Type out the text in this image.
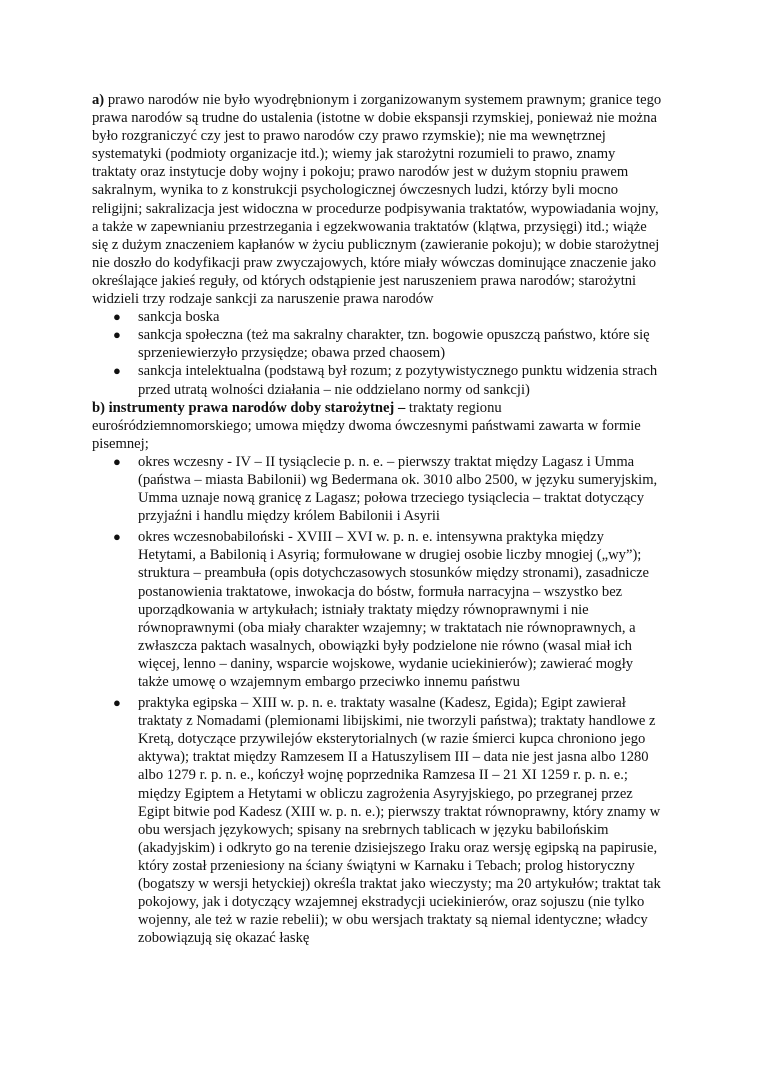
a) prawo narodów nie było wyodrębnionym i zorganizowanym systemem prawnym; granice tego prawa narodów są trudne do ustalenia (istotne w dobie ekspansji rzymskiej, ponieważ nie można było rozgraniczyć czy jest to prawo narodów czy prawo rzymskie); nie ma wewnętrznej systematyki (podmioty organizacje itd.); wiemy jak starożytni rozumieli to prawo, znamy traktaty oraz instytucje doby wojny i pokoju; prawo narodów jest w dużym stopniu prawem sakralnym, wynika to z konstrukcji psychologicznej ówczesnych ludzi, którzy byli mocno religijni; sakralizacja jest widoczna w procedurze podpisywania traktatów, wypowiadania wojny, a także w zapewnianiu przestrzegania i egzekwowania traktatów (klątwa, przysięgi) itd.; wiąże się z dużym znaczeniem kapłanów w życiu publicznym (zawieranie pokoju); w dobie starożytnej nie doszło do kodyfikacji praw zwyczajowych, które miały wówczas dominujące znaczenie jako określające jakieś reguły, od których odstąpienie jest naruszeniem prawa narodów; starożytni widzieli trzy rodzaje sankcji za naruszenie prawa narodów

● sankcja boska
● sankcja społeczna (też ma sakralny charakter, tzn. bogowie opuszczą państwo, które się sprzeniewierzyło przysiędze; obawa przed chaosem)
● sankcja intelektualna (podstawą był rozum; z pozytywistycznego punktu widzenia strach przed utratą wolności działania – nie oddzielano normy od sankcji)

b) instrumenty prawa narodów doby starożytnej – traktaty regionu eurośródziemnomorskiego; umowa między dwoma ówczesnymi państwami zawarta w formie pisemnej;

● okres wczesny - IV – II tysiąclecie p. n. e. – pierwszy traktat między Lagasz i Umma (państwa – miasta Babilonii) wg Bedermana ok. 3010 albo 2500, w języku sumeryjskim, Umma uznaje nową granicę z Lagasz; połowa trzeciego tysiąclecia – traktat dotyczący przyjaźni i handlu między królem Babilonii i Asyrii
● okres wczesnobabiloński - XVIII – XVI w. p. n. e. intensywna praktyka między Hetytami, a Babilonią i Asyrią; formułowane w drugiej osobie liczby mnogiej („wy”); struktura – preambuła (opis dotychczasowych stosunków między stronami), zasadnicze postanowienia traktatowe, inwokacja do bóstw, formuła narracyjna – wszystko bez uporządkowania w artykułach; istniały traktaty między równoprawnymi i nie równoprawnymi (oba miały charakter wzajemny; w traktatach nie równoprawnych, a zwłaszcza paktach wasalnych, obowiązki były podzielone nie równo (wasal miał ich więcej, lenno – daniny, wsparcie wojskowe, wydanie uciekinierów); zawierać mogły także umowę o wzajemnym embargo przeciwko innemu państwu
● praktyka egipska – XIII w. p. n. e. traktaty wasalne (Kadesz, Egida); Egipt zawierał traktaty z Nomadami (plemionami libijskimi, nie tworzyli państwa); traktaty handlowe z Kretą, dotyczące przywilejów eksterytorialnych (w razie śmierci kupca chroniono jego aktywa); traktat między Ramzesem II a Hatuszylisem III – data nie jest jasna albo 1280 albo 1279 r. p. n. e., kończył wojnę poprzednika Ramzesa II – 21 XI 1259 r. p. n. e.; między Egiptem a Hetytami w obliczu zagrożenia Asyryjskiego, po przegranej przez Egipt bitwie pod Kadesz (XIII w. p. n. e.); pierwszy traktat równoprawny, który znamy w obu wersjach językowych; spisany na srebrnych tablicach w języku babilońskim (akadyjskim) i odkryto go na terenie dzisiejszego Iraku oraz wersję egipską na papirusie, który został przeniesiony na ściany świątyni w Karnaku i Tebach; prolog historyczny (bogatszy w wersji hetyckiej) określa traktat jako wieczysty; ma 20 artykułów; traktat tak pokojowy, jak i dotyczący wzajemnej ekstradycji uciekinierów, oraz sojuszu (nie tylko wojenny, ale też w razie rebelii); w obu wersjach traktaty są niemal identyczne; władcy zobowiązują się okazać łaskę
